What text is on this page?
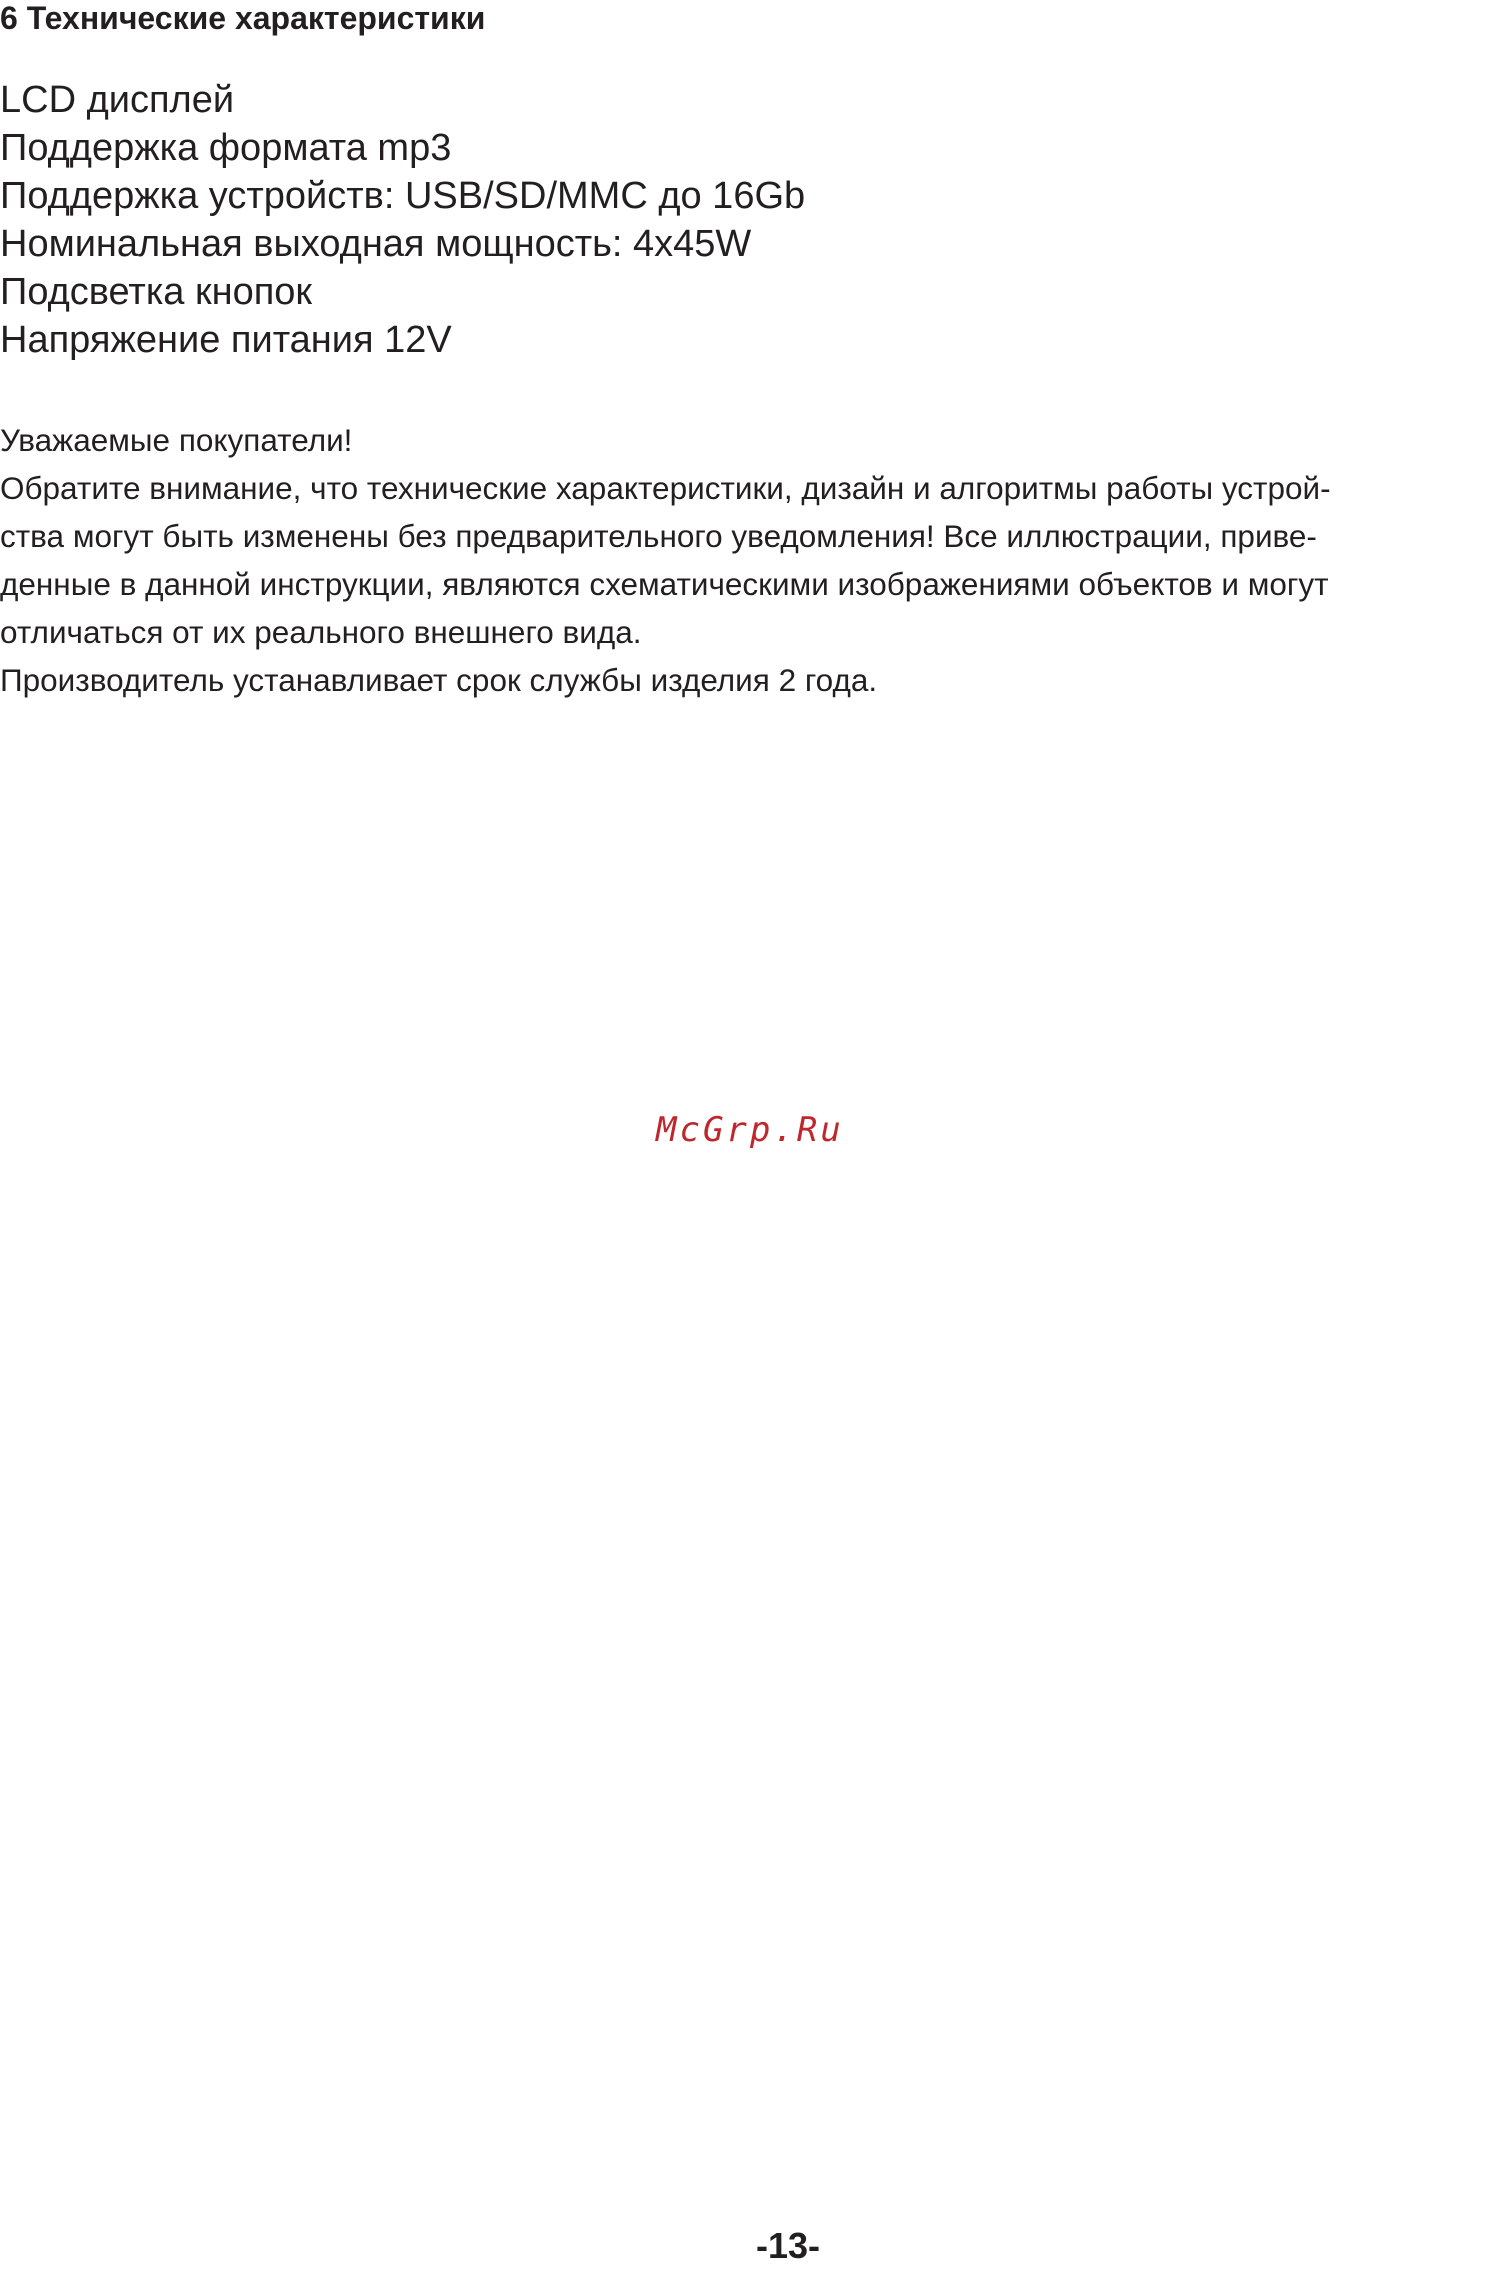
6 Технические характеристики
LCD дисплей
Поддержка формата mp3
Поддержка устройств: USB/SD/MMC до 16Gb
Номинальная выходная мощность: 4х45W
Подсветка кнопок
Напряжение питания 12V

Уважаемые покупатели!

Обратите внимание, что технические характеристики, дизайн и алгоритмы работы устрой-

ства могут быть изменены без предварительного уведомления! Все иллюстрации, приве-

денные в данной инструкции, являются схематическими изображениями объектов и могут

отличаться от их реального внешнего вида.

Производитель устанавливает срок службы изделия 2 года.

McGrp.Ru
-13-
